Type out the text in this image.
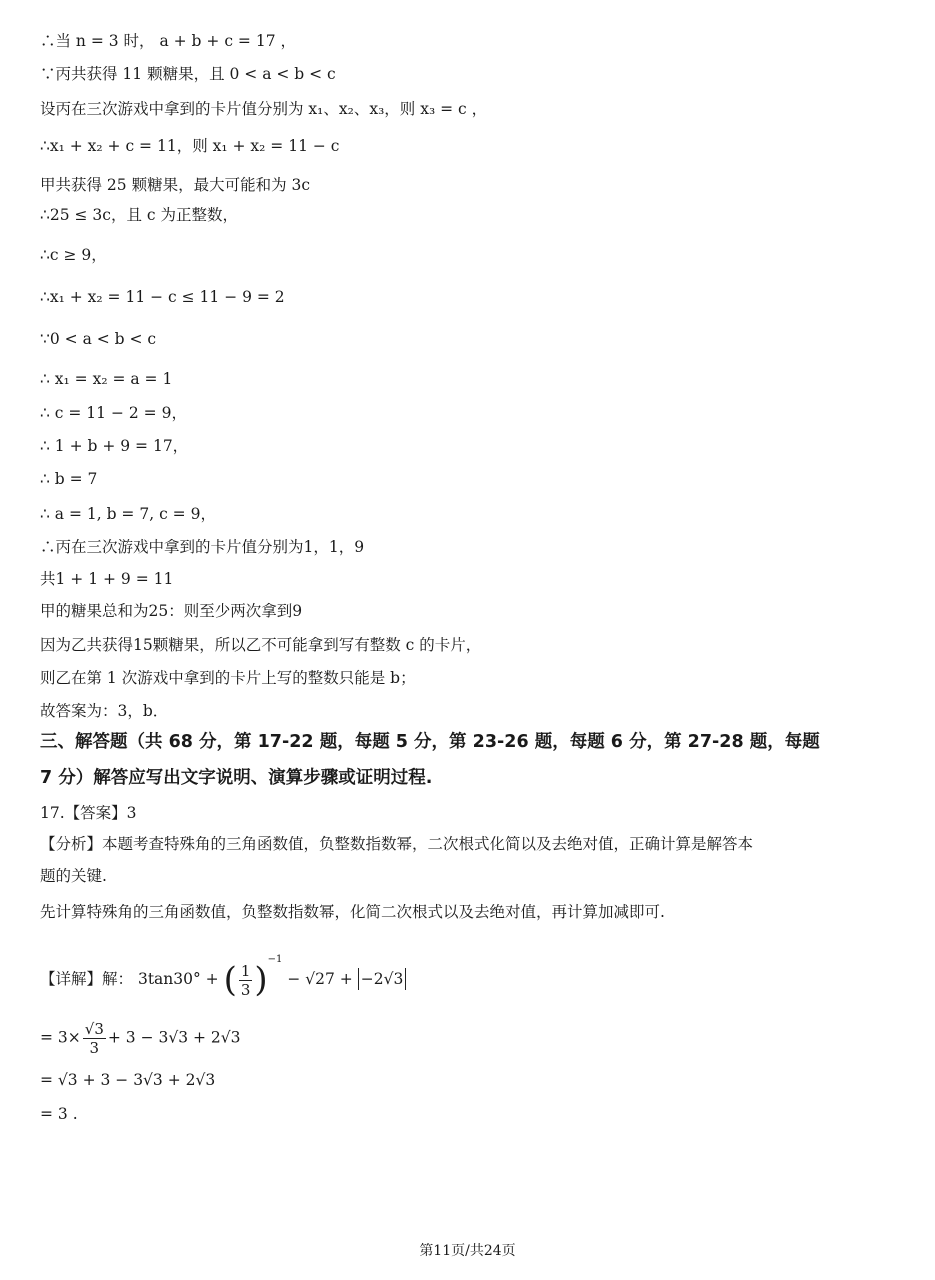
∴当 n = 3 时， a + b + c = 17 ，
∵丙共获得 11 颗糖果，且 0 < a < b < c
设丙在三次游戏中拿到的卡片值分别为 x₁、x₂、x₃，则 x₃ = c ，
∴x₁ + x₂ + c = 11，则 x₁ + x₂ = 11 − c
甲共获得 25 颗糖果，最大可能和为 3c
∴25 ≤ 3c，且 c 为正整数，
∴c ≥ 9，
∴x₁ + x₂ = 11 − c ≤ 11 − 9 = 2
∵0 < a < b < c
∴ x₁ = x₂ = a = 1
∴ c = 11 − 2 = 9，
∴ 1 + b + 9 = 17，
∴ b = 7
∴ a = 1, b = 7, c = 9，
∴丙在三次游戏中拿到的卡片值分别为1，1，9
共1 + 1 + 9 = 11
甲的糖果总和为25：则至少两次拿到9
因为乙共获得15颗糖果，所以乙不可能拿到写有整数 c 的卡片，
则乙在第 1 次游戏中拿到的卡片上写的整数只能是 b；
故答案为：3，b．
三、解答题（共 68 分，第 17-22 题，每题 5 分，第 23-26 题，每题 6 分，第 27-28 题，每题
7 分）解答应写出文字说明、演算步骤或证明过程.
17.【答案】3
【分析】本题考查特殊角的三角函数值，负整数指数幂，二次根式化简以及去绝对值，正确计算是解答本
题的关键.
先计算特殊角的三角函数值，负整数指数幂，化简二次根式以及去绝对值，再计算加减即可.
【详解】解： 3tan30° + ( $\frac{1}{3} )^{-1} - √27 + -2√3$
= $3\times \frac{√3}{3} + 3 - 3√3 + 2√3$
= √3 + 3 − 3√3 + 2√3
= 3 .
第11页/共24页
